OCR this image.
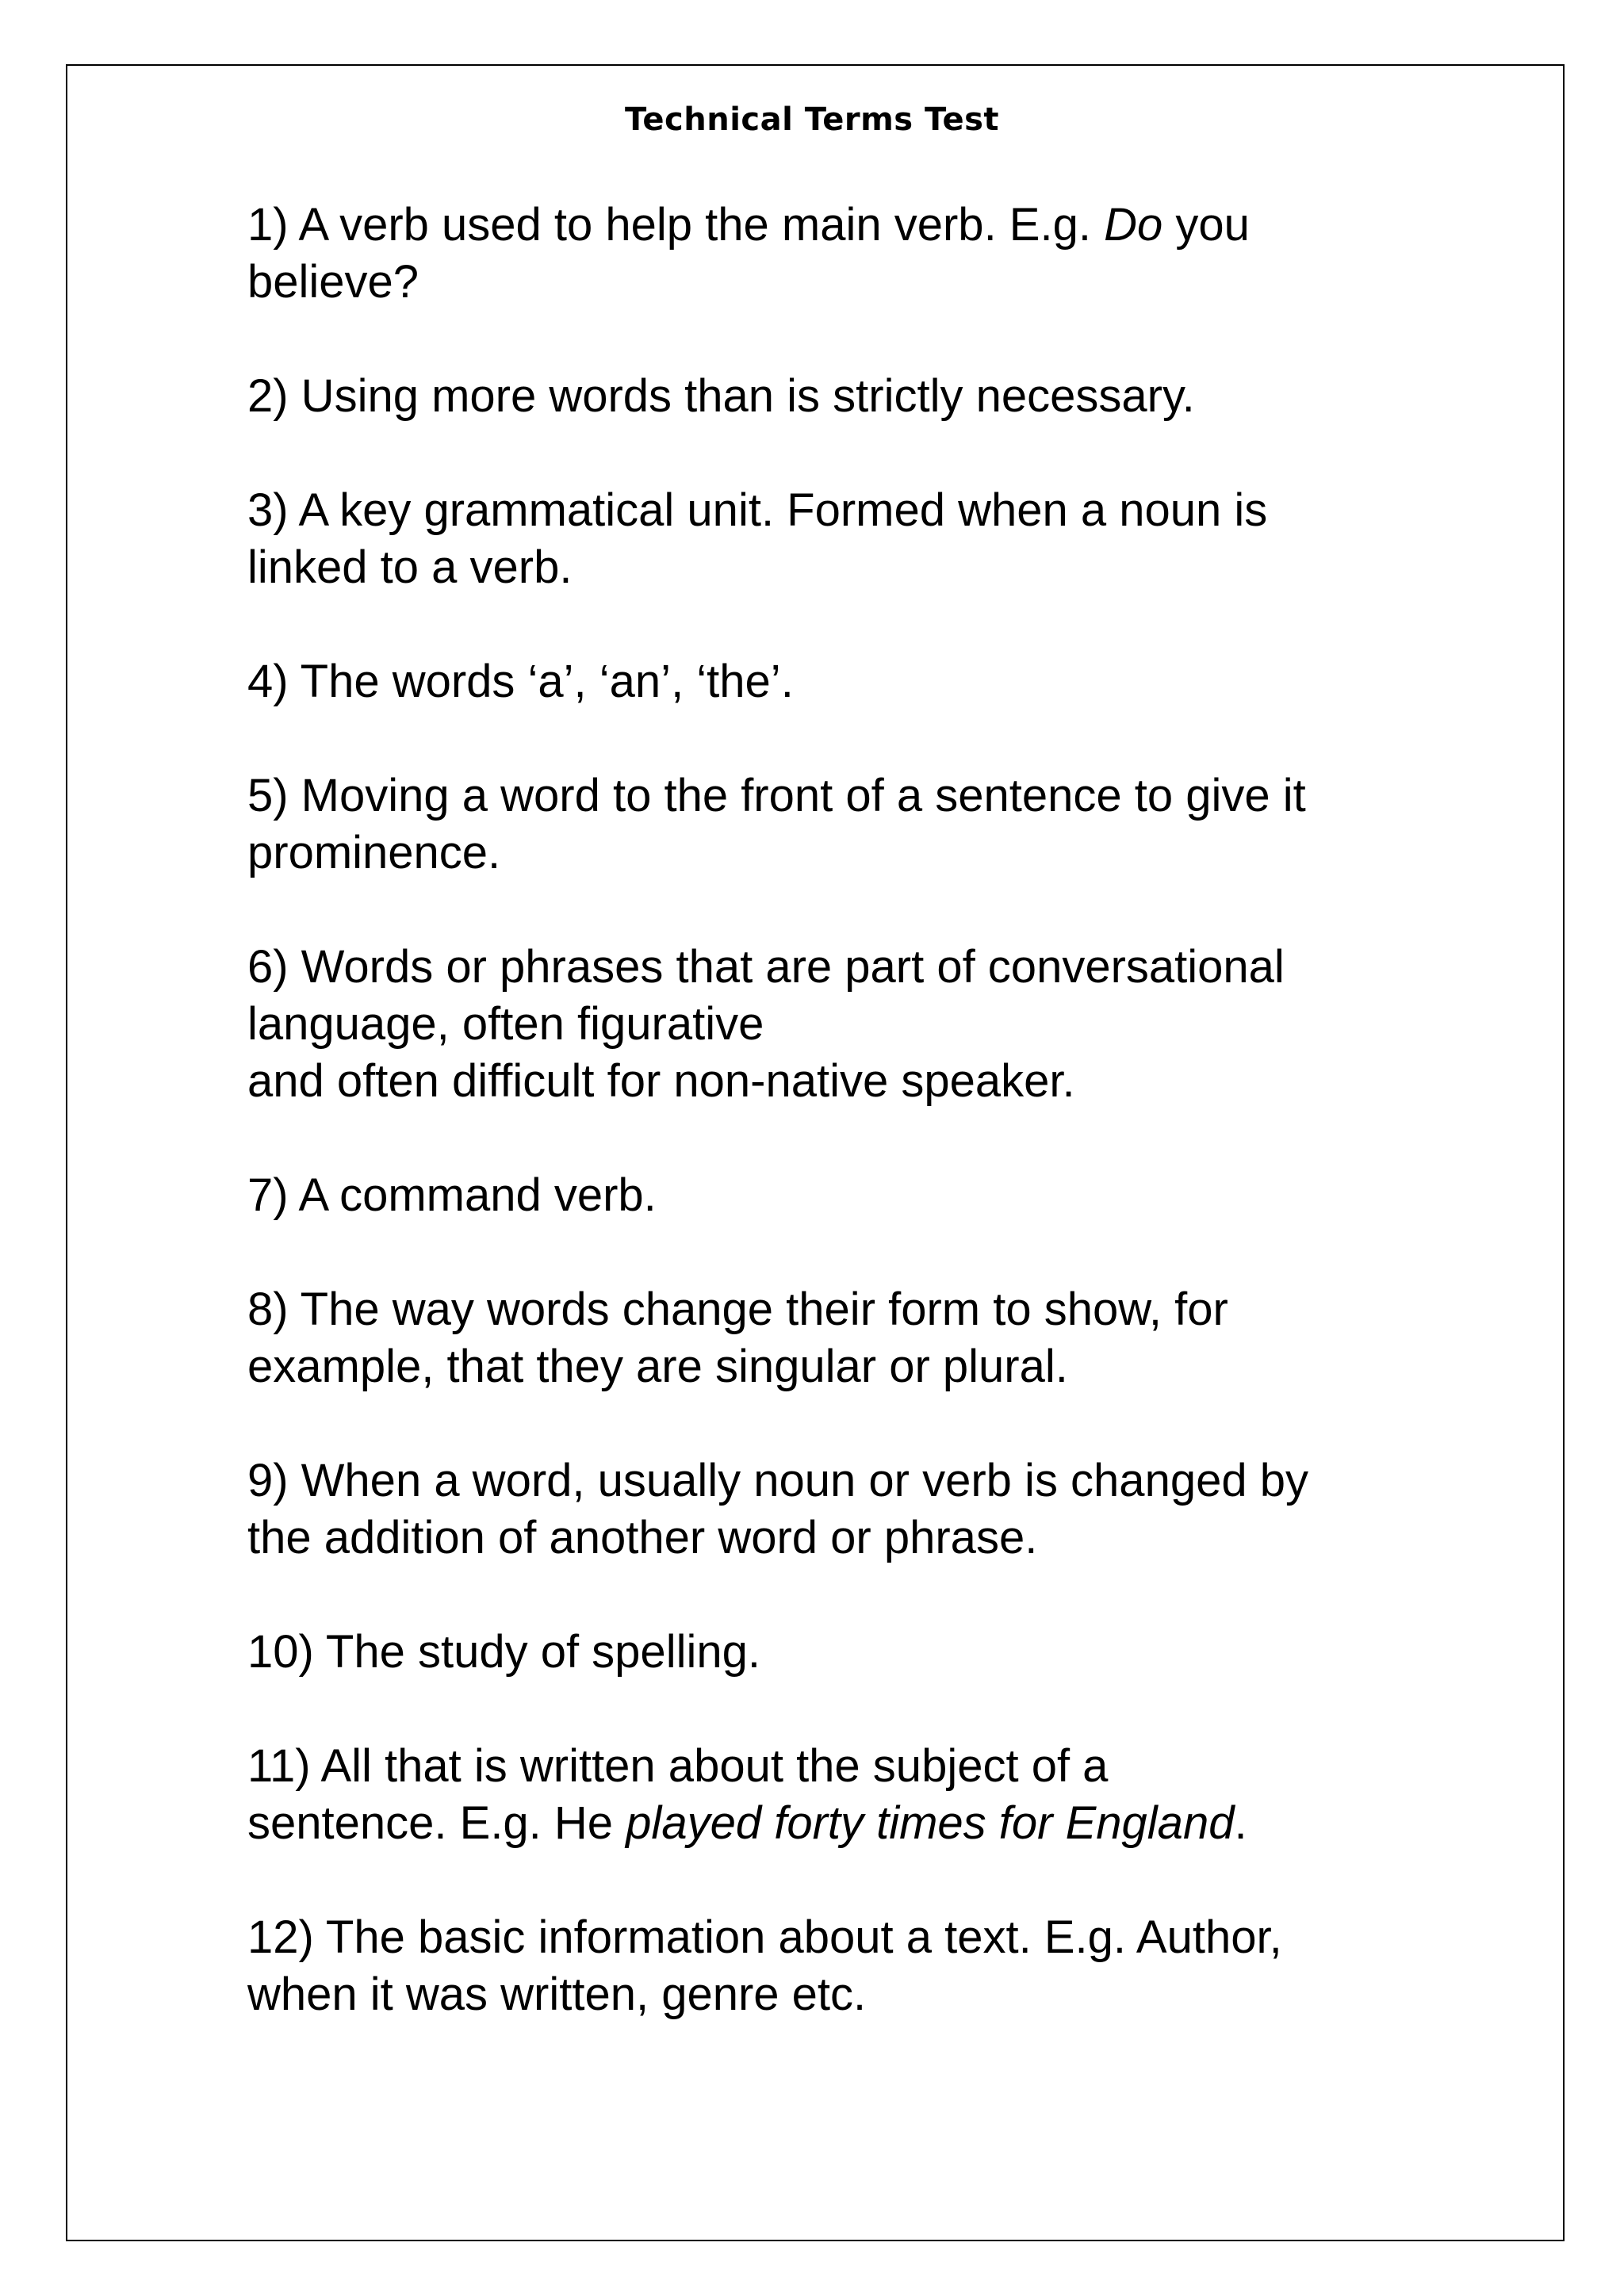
Technical Terms Test
1) A verb used to help the main verb. E.g. Do you
believe?
2) Using more words than is strictly necessary.
3) A key grammatical unit. Formed when a noun is
linked to a verb.
4) The words ‘a’, ‘an’, ‘the’.
5) Moving a word to the front of a sentence to give it
prominence.
6) Words or phrases that are part of conversational
language, often figurative
and often difficult for non-native speaker.
7) A command verb.
8) The way words change their form to show, for
example, that they are singular or plural.
9) When a word, usually noun or verb is changed by
the addition of another word or phrase.
10) The study of spelling.
11) All that is written about the subject of a
sentence. E.g. He played forty times for England.
12) The basic information about a text. E.g. Author,
when it was written, genre etc.
